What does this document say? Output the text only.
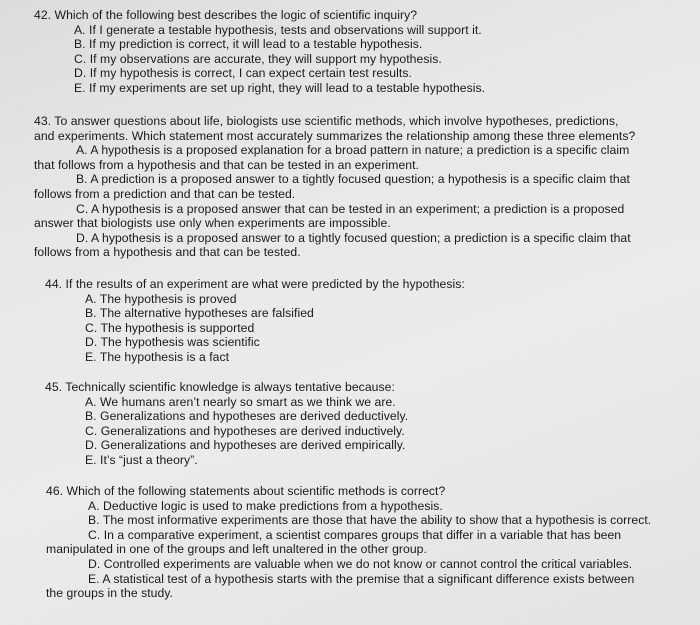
42. Which of the following best describes the logic of scientific inquiry?

A. If I generate a testable hypothesis, tests and observations will support it.
B. If my prediction is correct, it will lead to a testable hypothesis.
C. If my observations are accurate, they will support my hypothesis.
D. If my hypothesis is correct, I can expect certain test results.
E. If my experiments are set up right, they will lead to a testable hypothesis.

43. To answer questions about life, biologists use scientific methods, which involve hypotheses, predictions,
and experiments. Which statement most accurately summarizes the relationship among these three elements?

A. A hypothesis is a proposed explanation for a broad pattern in nature; a prediction is a specific claim
that follows from a hypothesis and that can be tested in an experiment.
B. A prediction is a proposed answer to a tightly focused question; a hypothesis is a specific claim that
follows from a prediction and that can be tested.
C. A hypothesis is a proposed answer that can be tested in an experiment; a prediction is a proposed
answer that biologists use only when experiments are impossible.
D. A hypothesis is a proposed answer to a tightly focused question; a prediction is a specific claim that
follows from a hypothesis and that can be tested.

44. If the results of an experiment are what were predicted by the hypothesis:

A. The hypothesis is proved
B. The alternative hypotheses are falsified
C. The hypothesis is supported
D. The hypothesis was scientific
E. The hypothesis is a fact

45. Technically scientific knowledge is always tentative because:

A. We humans aren’t nearly so smart as we think we are.
B. Generalizations and hypotheses are derived deductively.
C. Generalizations and hypotheses are derived inductively.
D. Generalizations and hypotheses are derived empirically.
E. It’s “just a theory”.

46. Which of the following statements about scientific methods is correct?

A. Deductive logic is used to make predictions from a hypothesis.
B. The most informative experiments are those that have the ability to show that a hypothesis is correct.
C. In a comparative experiment, a scientist compares groups that differ in a variable that has been
manipulated in one of the groups and left unaltered in the other group.
D. Controlled experiments are valuable when we do not know or cannot control the critical variables.
E. A statistical test of a hypothesis starts with the premise that a significant difference exists between
the groups in the study.
